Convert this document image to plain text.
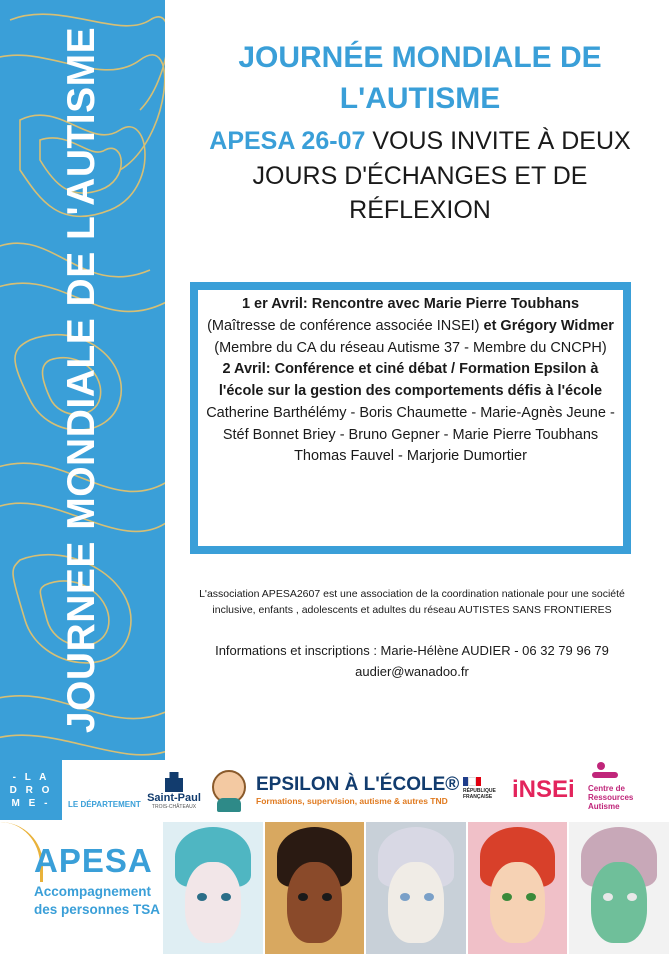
JOURNEE MONDIALE DE L'AUTISME	JOURNÉE MONDIALE DE
L'AUTISME

APESA 26-07 VOUS INVITE À DEUX
JOURS D'ÉCHANGES ET DE
RÉFLEXION

1 er Avril: Rencontre avec Marie Pierre Toubhans (Maîtresse de conférence associée INSEI) et Grégory Widmer (Membre du CA du réseau Autisme 37 - Membre du CNCPH)

2 Avril: Conférence et ciné débat / Formation Epsilon à l'école sur la gestion des comportements défis à l'école

Catherine Barthélémy - Boris Chaumette - Marie-Agnès Jeune - Stéf Bonnet Briey - Bruno Gepner - Marie Pierre Toubhans

Thomas Fauvel - Marjorie Dumortier

L'association APESA2607 est une association de la coordination nationale pour une société inclusive, enfants , adolescents et adultes du réseau AUTISTES SANS FRONTIERES

Informations et inscriptions : Marie-Hélène AUDIER - 06 32 79 96 79
audier@wanadoo.fr
- L A
D R O
M E -	LE DÉPARTEMENT
Saint-Paul
TROIS-CHÂTEAUX
EPSILON À L'ÉCOLE®
Formations, supervision, autisme & autres TND
RÉPUBLIQUE FRANÇAISE iNSEi Centre de
Ressources
Autisme
APESA
Accompagnement
des personnes TSA
